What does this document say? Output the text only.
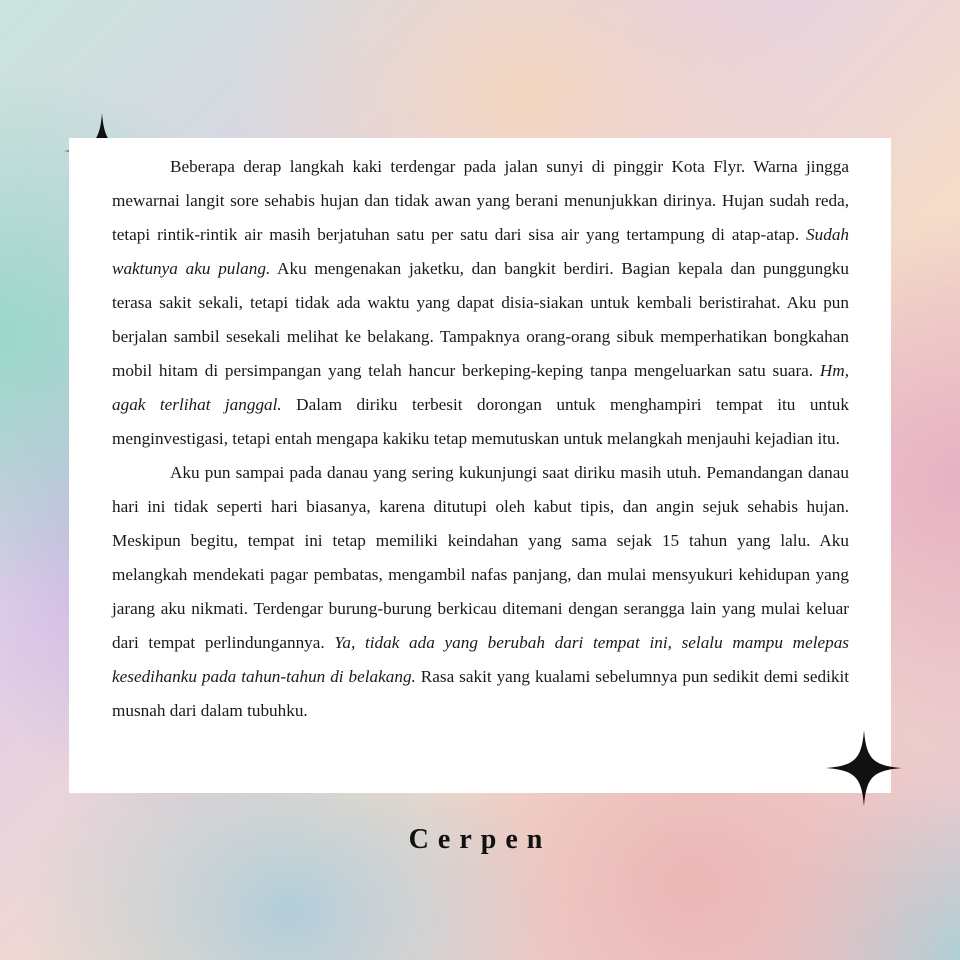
Beberapa derap langkah kaki terdengar pada jalan sunyi di pinggir Kota Flyr. Warna jingga mewarnai langit sore sehabis hujan dan tidak awan yang berani menunjukkan dirinya. Hujan sudah reda, tetapi rintik-rintik air masih berjatuhan satu per satu dari sisa air yang tertampung di atap-atap. Sudah waktunya aku pulang. Aku mengenakan jaketku, dan bangkit berdiri. Bagian kepala dan punggungku terasa sakit sekali, tetapi tidak ada waktu yang dapat disia-siakan untuk kembali beristirahat. Aku pun berjalan sambil sesekali melihat ke belakang. Tampaknya orang-orang sibuk memperhatikan bongkahan mobil hitam di persimpangan yang telah hancur berkeping-keping tanpa mengeluarkan satu suara. Hm, agak terlihat janggal. Dalam diriku terbesit dorongan untuk menghampiri tempat itu untuk menginvestigasi, tetapi entah mengapa kakiku tetap memutuskan untuk melangkah menjauhi kejadian itu.

Aku pun sampai pada danau yang sering kukunjungi saat diriku masih utuh. Pemandangan danau hari ini tidak seperti hari biasanya, karena ditutupi oleh kabut tipis, dan angin sejuk sehabis hujan. Meskipun begitu, tempat ini tetap memiliki keindahan yang sama sejak 15 tahun yang lalu. Aku melangkah mendekati pagar pembatas, mengambil nafas panjang, dan mulai mensyukuri kehidupan yang jarang aku nikmati. Terdengar burung-burung berkicau ditemani dengan serangga lain yang mulai keluar dari tempat perlindungannya. Ya, tidak ada yang berubah dari tempat ini, selalu mampu melepas kesedihanku pada tahun-tahun di belakang. Rasa sakit yang kualami sebelumnya pun sedikit demi sedikit musnah dari dalam tubuhku.

Cerpen
